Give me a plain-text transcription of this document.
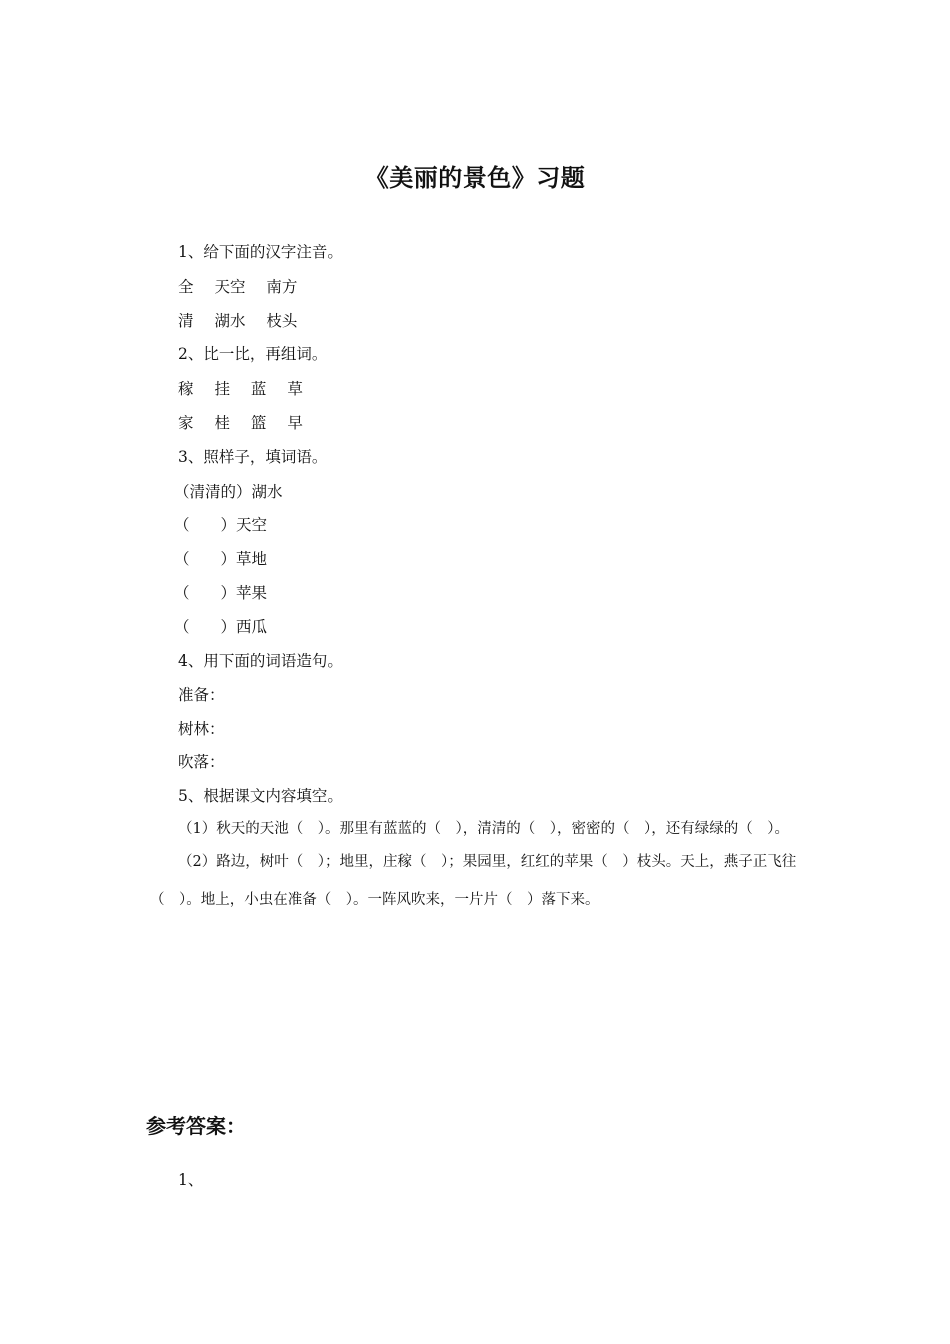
《美丽的景色》习题
1、给下面的汉字注音。
全 天空 南方
清 湖水 枝头
2、比一比，再组词。
稼 挂 蓝 草
家 桂 篮 早
3、照样子，填词语。
（清清的）湖水
（　　）天空
（　　）草地
（　　）苹果
（　　）西瓜
4、用下面的词语造句。
准备：
树林：
吹落：
5、根据课文内容填空。
（1）秋天的天池（　）。那里有蓝蓝的（　），清清的（　），密密的（　），还有绿绿的（　）。
（2）路边，树叶（　）；地里，庄稼（　）；果园里，红红的苹果（　）枝头。天上，燕子正飞往（　）。地上，小虫在准备（　）。一阵风吹来，一片片（　）落下来。
参考答案：
1、
